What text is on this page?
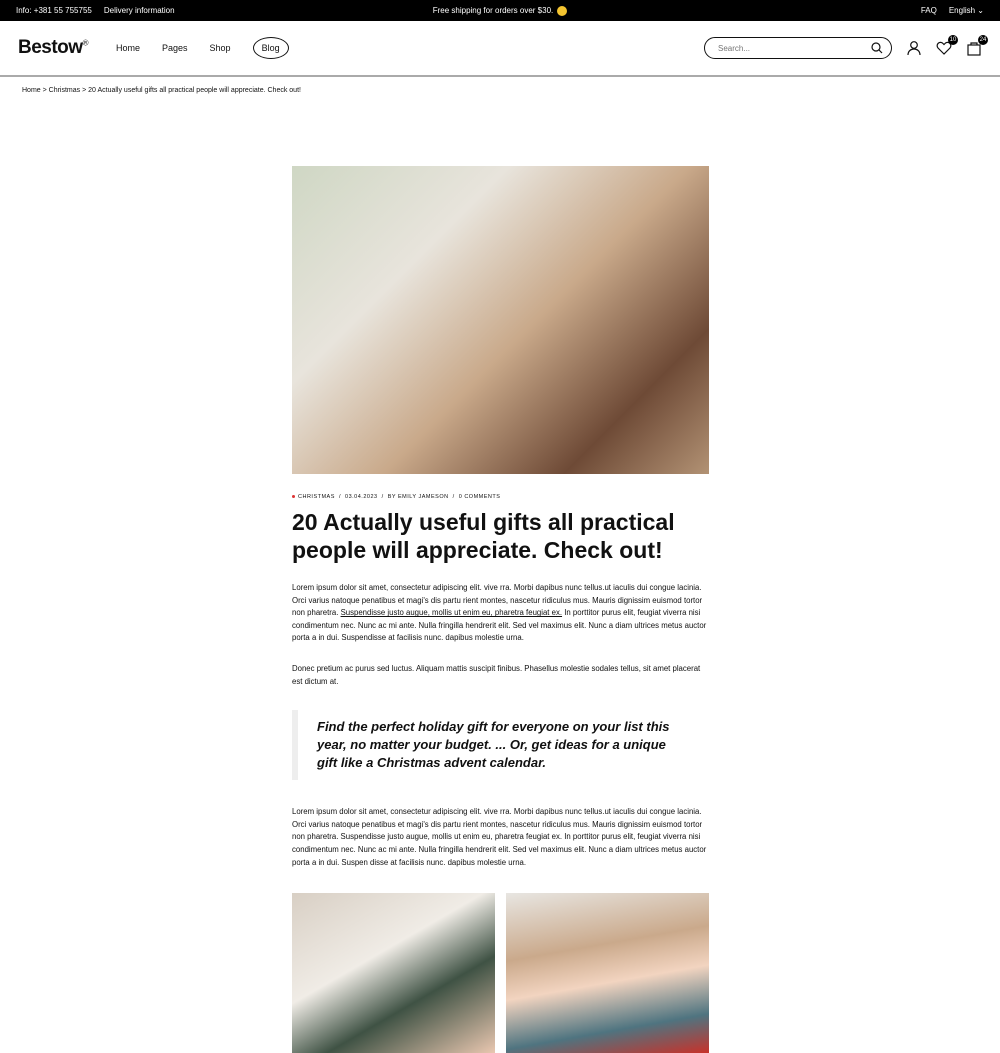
Info: +381 55 755755 Delivery information	Free shipping for orders over $30.	FAQ English ⌄
Bestow®	Home Pages Shop	Blog
Search...
10	24
Home > Christmas > 20 Actually useful gifts all practical people will appreciate. Check out!
CHRISTMAS  /  03.04.2023  /  BY EMILY JAMESON  /  0 COMMENTS
20 Actually useful gifts all practical people will appreciate. Check out!

Lorem ipsum dolor sit amet, consectetur adipiscing elit. vive rra. Morbi dapibus nunc tellus.ut iaculis dui congue lacinia. Orci varius natoque penatibus et magi's dis partu rient montes, nascetur ridiculus mus. Mauris dignissim euismod tortor non pharetra. Suspendisse justo augue, mollis ut enim eu, pharetra feugiat ex. In porttitor purus elit, feugiat viverra nisi condimentum nec. Nunc ac mi ante. Nulla fringilla hendrerit elit. Sed vel maximus elit. Nunc a diam ultrices metus auctor porta a in dui. Suspendisse at facilisis nunc. dapibus molestie urna.

Donec pretium ac purus sed luctus. Aliquam mattis suscipit finibus. Phasellus molestie sodales tellus, sit amet placerat est dictum at.

Find the perfect holiday gift for everyone on your list this year, no matter your budget. ... Or, get ideas for a unique gift like a Christmas advent calendar.

Lorem ipsum dolor sit amet, consectetur adipiscing elit. vive rra. Morbi dapibus nunc tellus.ut iaculis dui congue lacinia. Orci varius natoque penatibus et magi's dis partu rient montes, nascetur ridiculus mus. Mauris dignissim euismod tortor non pharetra. Suspendisse justo augue, mollis ut enim eu, pharetra feugiat ex. In porttitor purus elit, feugiat viverra nisi condimentum nec. Nunc ac mi ante. Nulla fringilla hendrerit elit. Sed vel maximus elit. Nunc a diam ultrices metus auctor porta a in dui. Suspen disse at facilisis nunc. dapibus molestie urna.
